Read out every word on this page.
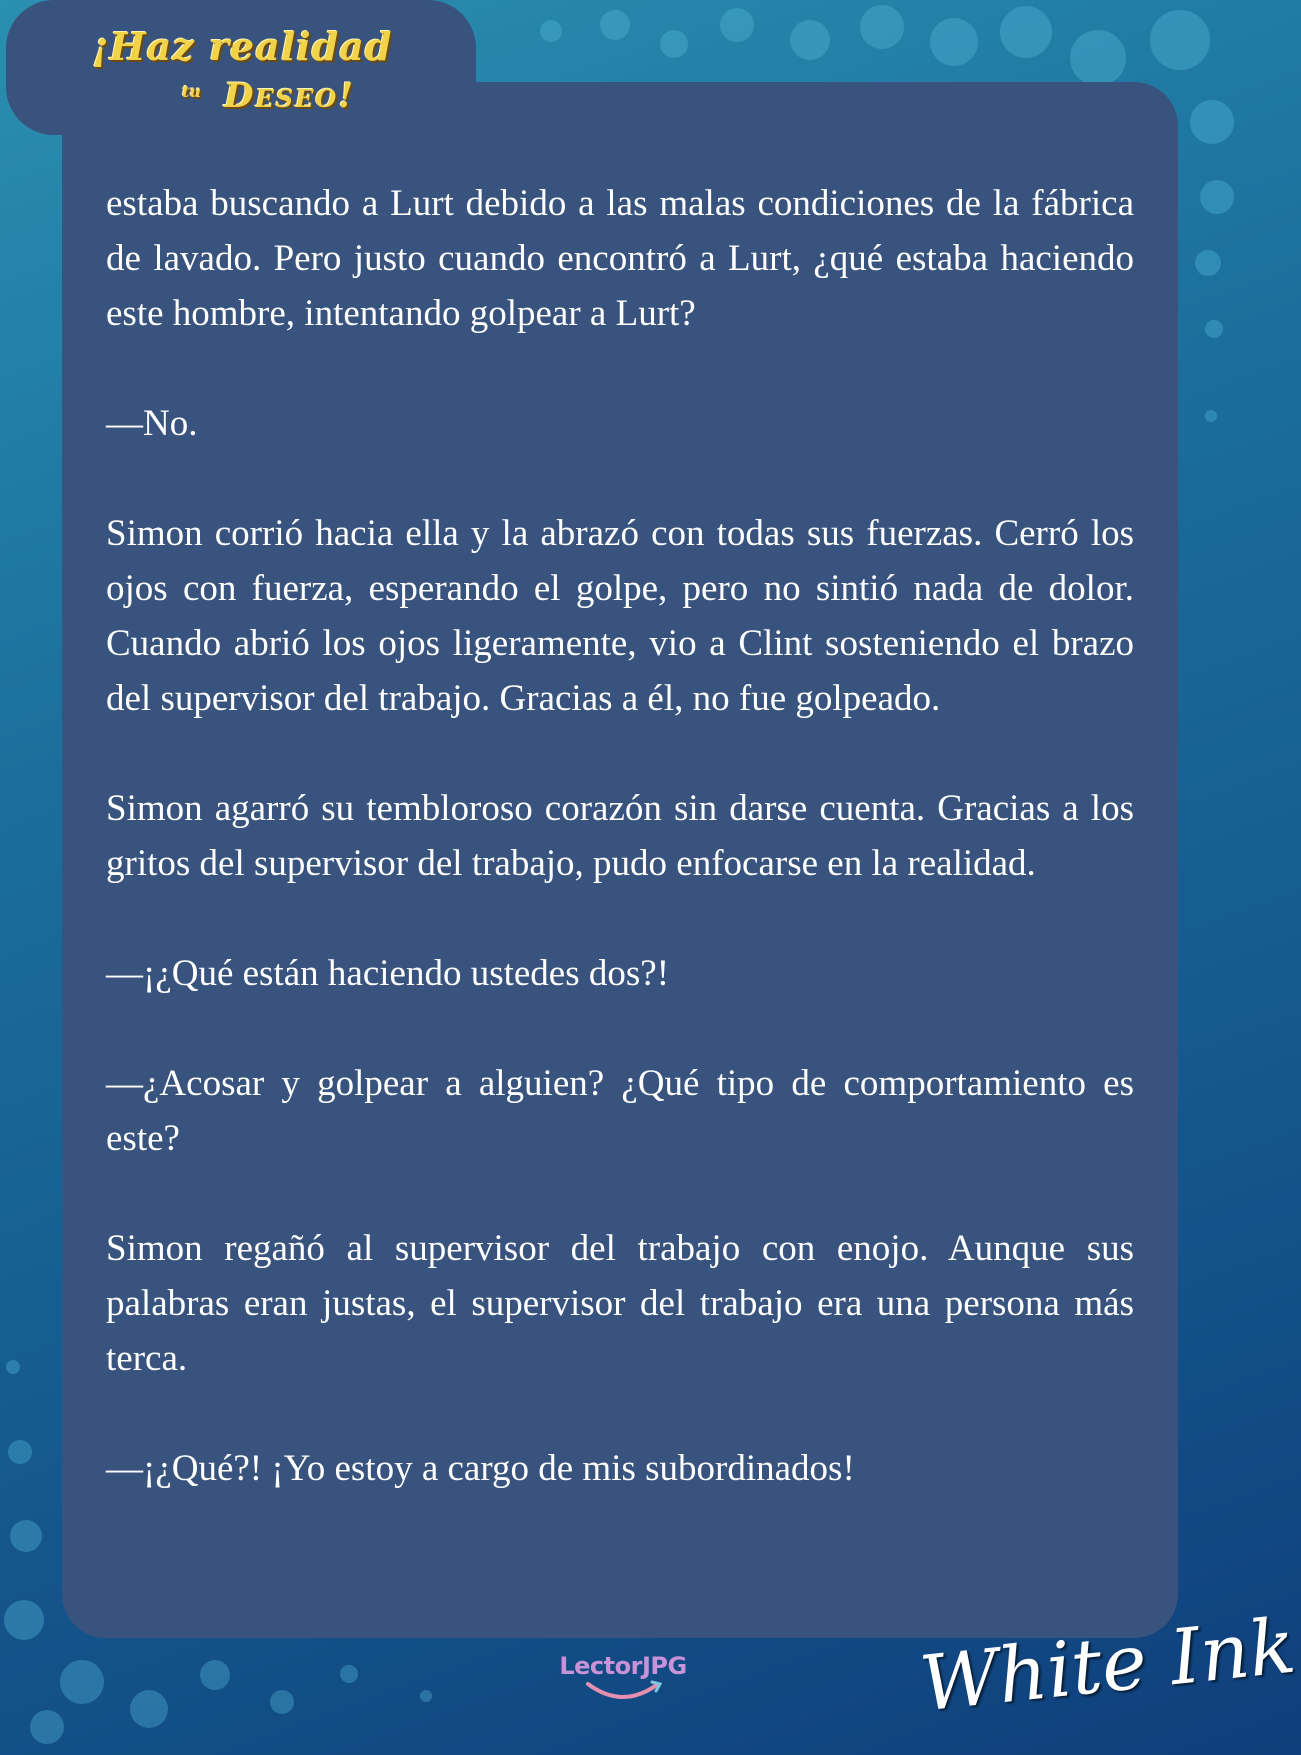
¡Haz realidad
tu Deseo!

estaba buscando a Lurt debido a las malas condiciones de la fábrica de lavado. Pero justo cuando encontró a Lurt, ¿qué estaba haciendo este hombre, intentando golpear a Lurt?

—No.

Simon corrió hacia ella y la abrazó con todas sus fuerzas. Cerró los ojos con fuerza, esperando el golpe, pero no sintió nada de dolor. Cuando abrió los ojos ligeramente, vio a Clint sosteniendo el brazo del supervisor del trabajo. Gracias a él, no fue golpeado.

Simon agarró su tembloroso corazón sin darse cuenta. Gracias a los gritos del supervisor del trabajo, pudo enfocarse en la realidad.

—¡¿Qué están haciendo ustedes dos?!

—¿Acosar y golpear a alguien? ¿Qué tipo de comportamiento es este?

Simon regañó al supervisor del trabajo con enojo. Aunque sus palabras eran justas, el supervisor del trabajo era una persona más terca.

—¡¿Qué?! ¡Yo estoy a cargo de mis subordinados!

LectorJPG	White Ink
